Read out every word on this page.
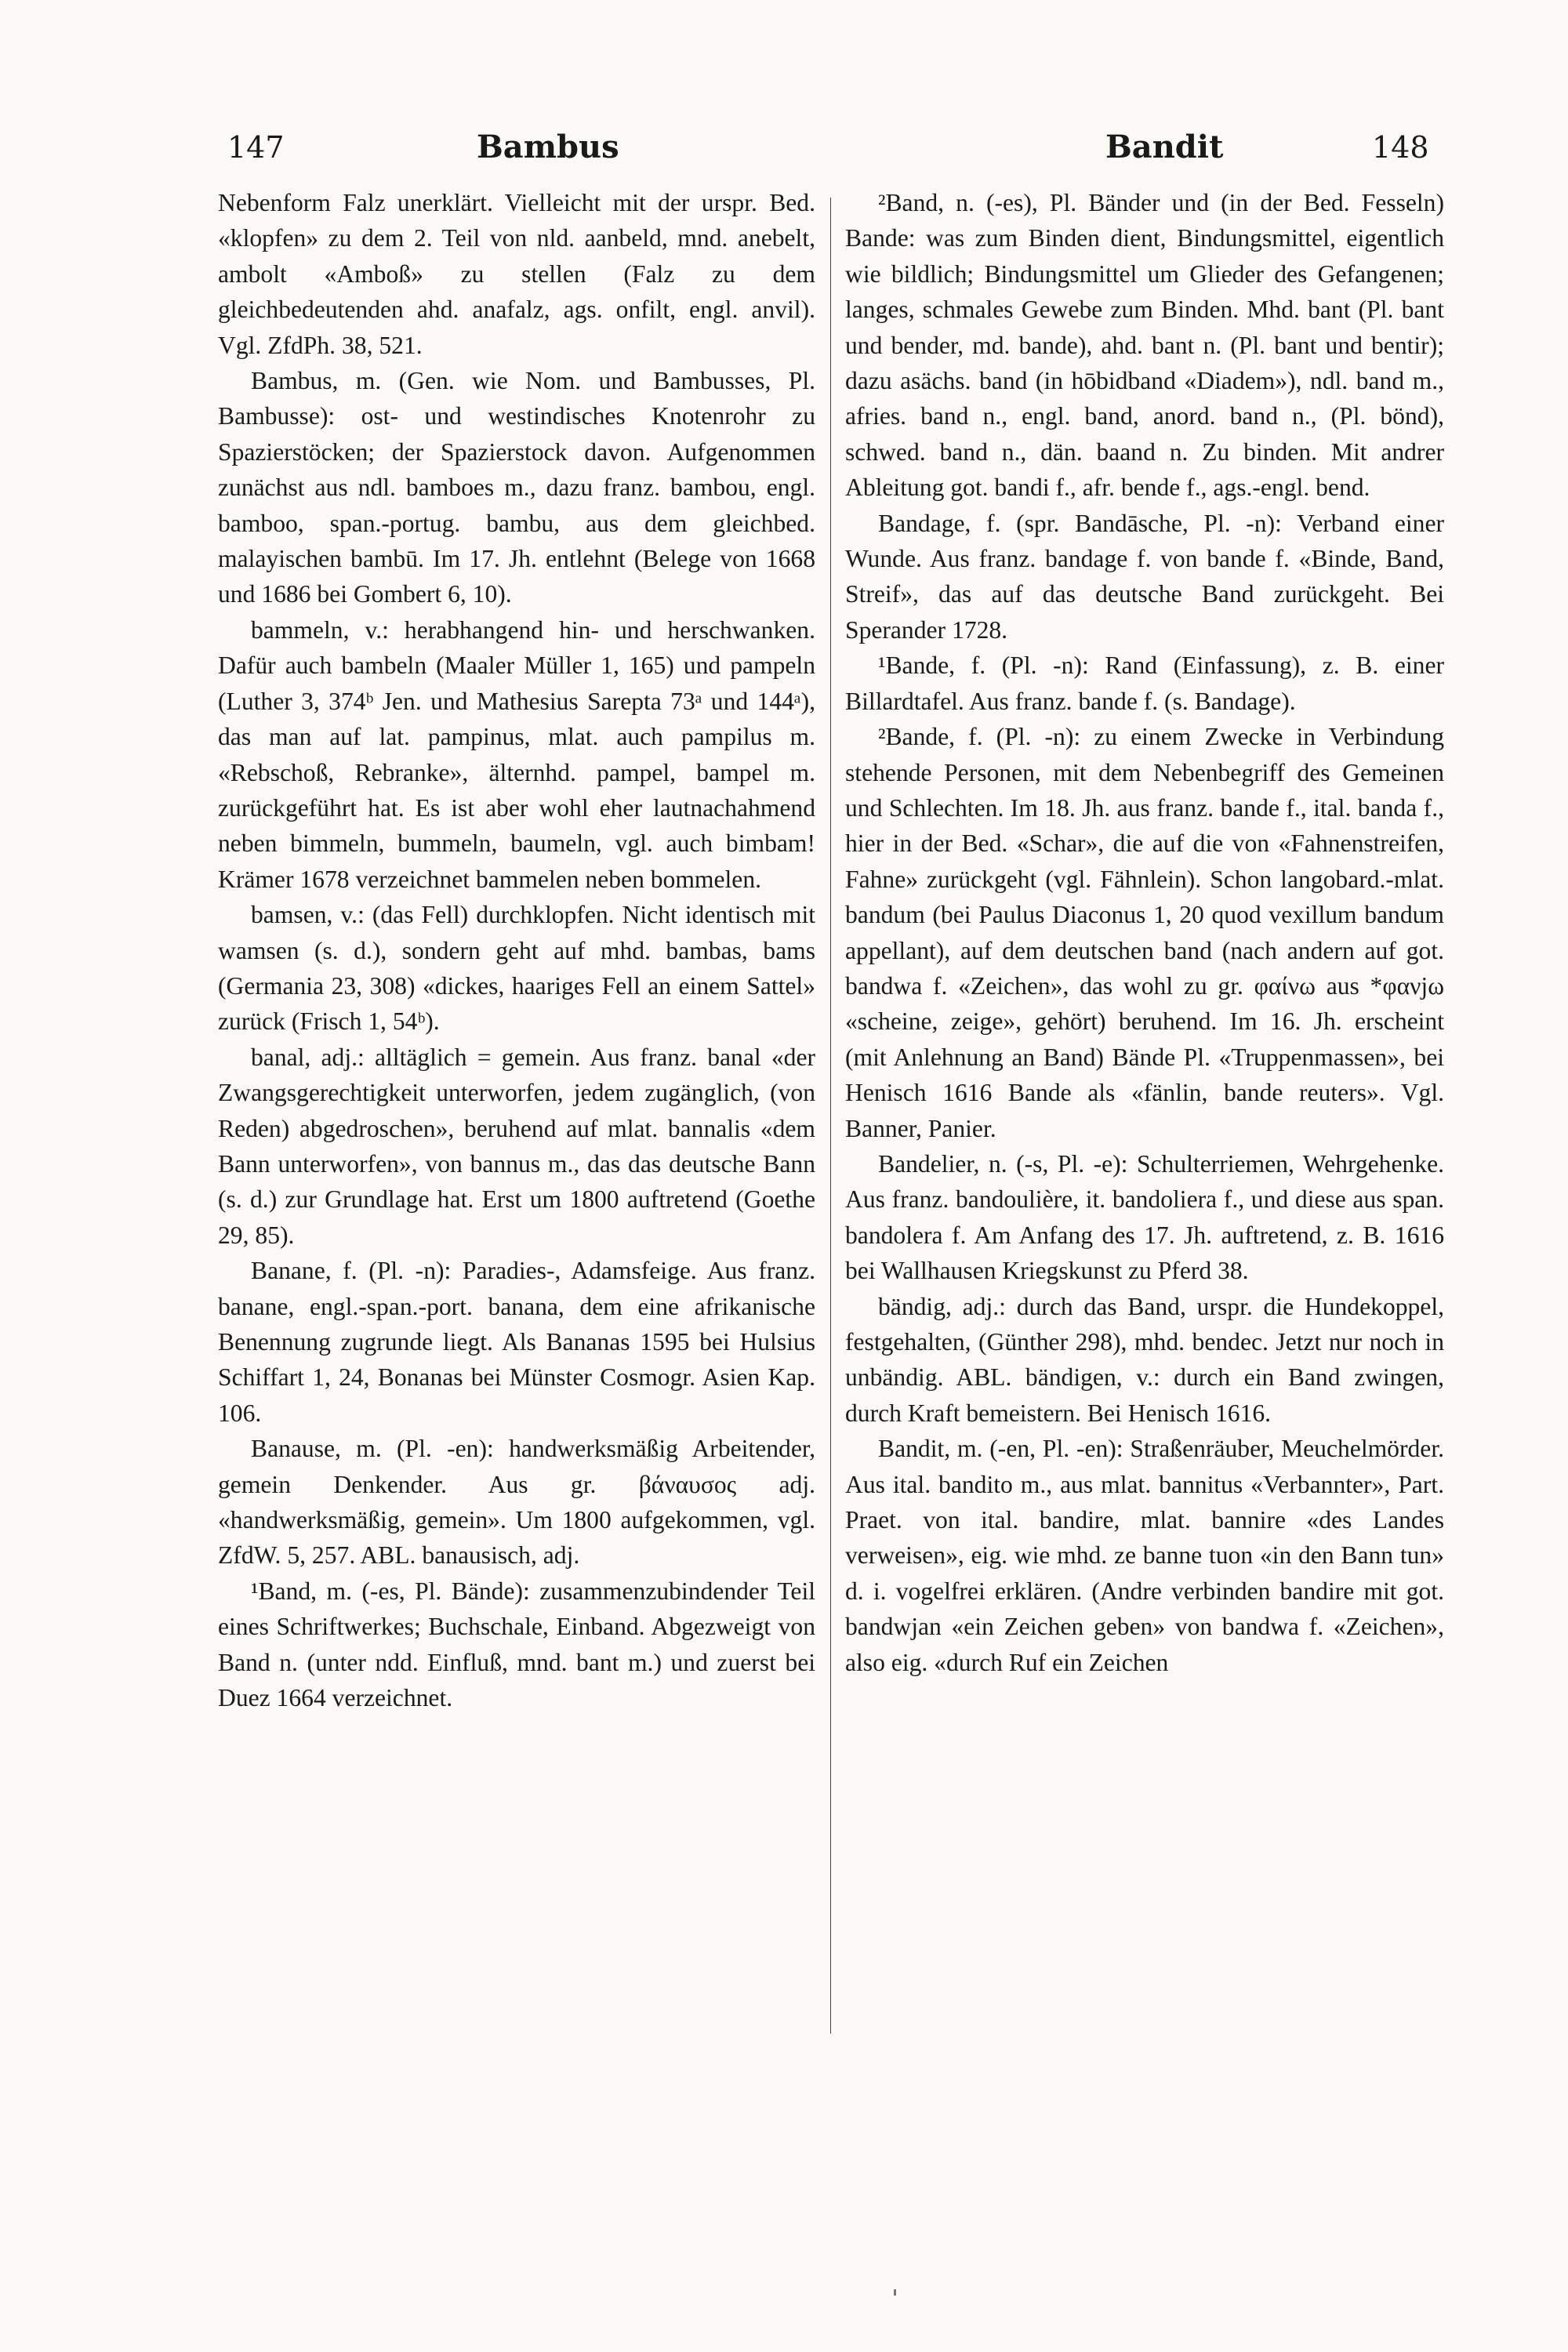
147	Bambus	Bandit	148

Nebenform Falz unerklärt. Vielleicht mit der urspr. Bed. «klopfen» zu dem 2. Teil von nld. aanbeld, mnd. anebelt, ambolt «Amboß» zu stellen (Falz zu dem gleichbedeutenden ahd. anafalz, ags. onfilt, engl. anvil). Vgl. ZfdPh. 38, 521.

Bambus, m. (Gen. wie Nom. und Bambusses, Pl. Bambusse): ost- und westindisches Knotenrohr zu Spazierstöcken; der Spazierstock davon. Aufgenommen zunächst aus ndl. bamboes m., dazu franz. bambou, engl. bamboo, span.-portug. bambu, aus dem gleichbed. malayischen bambū. Im 17. Jh. entlehnt (Belege von 1668 und 1686 bei Gombert 6, 10).

bammeln, v.: herabhangend hin- und herschwanken. Dafür auch bambeln (Maaler Müller 1, 165) und pampeln (Luther 3, 374ᵇ Jen. und Mathesius Sarepta 73ᵃ und 144ᵃ), das man auf lat. pampinus, mlat. auch pampilus m. «Rebschoß, Rebranke», älternhd. pampel, bampel m. zurückgeführt hat. Es ist aber wohl eher lautnachahmend neben bimmeln, bummeln, baumeln, vgl. auch bimbam! Krämer 1678 verzeichnet bammelen neben bommelen.

bamsen, v.: (das Fell) durchklopfen. Nicht identisch mit wamsen (s. d.), sondern geht auf mhd. bambas, bams (Germania 23, 308) «dickes, haariges Fell an einem Sattel» zurück (Frisch 1, 54ᵇ).

banal, adj.: alltäglich = gemein. Aus franz. banal «der Zwangsgerechtigkeit unterworfen, jedem zugänglich, (von Reden) abgedroschen», beruhend auf mlat. bannalis «dem Bann unterworfen», von bannus m., das das deutsche Bann (s. d.) zur Grundlage hat. Erst um 1800 auftretend (Goethe 29, 85).

Banane, f. (Pl. -n): Paradies-, Adamsfeige. Aus franz. banane, engl.-span.-port. banana, dem eine afrikanische Benennung zugrunde liegt. Als Bananas 1595 bei Hulsius Schiffart 1, 24, Bonanas bei Münster Cosmogr. Asien Kap. 106.

Banause, m. (Pl. -en): handwerksmäßig Arbeitender, gemein Denkender. Aus gr. βάναυσος adj. «handwerksmäßig, gemein». Um 1800 aufgekommen, vgl. ZfdW. 5, 257. ABL. banausisch, adj.

¹Band, m. (-es, Pl. Bände): zusammenzubindender Teil eines Schriftwerkes; Buchschale, Einband. Abgezweigt von Band n. (unter ndd. Einfluß, mnd. bant m.) und zuerst bei Duez 1664 verzeichnet.

²Band, n. (-es), Pl. Bänder und (in der Bed. Fesseln) Bande: was zum Binden dient, Bindungsmittel, eigentlich wie bildlich; Bindungsmittel um Glieder des Gefangenen; langes, schmales Gewebe zum Binden. Mhd. bant (Pl. bant und bender, md. bande), ahd. bant n. (Pl. bant und bentir); dazu asächs. band (in hōbidband «Diadem»), ndl. band m., afries. band n., engl. band, anord. band n., (Pl. bönd), schwed. band n., dän. baand n. Zu binden. Mit andrer Ableitung got. bandi f., afr. bende f., ags.-engl. bend.

Bandage, f. (spr. Bandāsche, Pl. -n): Verband einer Wunde. Aus franz. bandage f. von bande f. «Binde, Band, Streif», das auf das deutsche Band zurückgeht. Bei Sperander 1728.

¹Bande, f. (Pl. -n): Rand (Einfassung), z. B. einer Billardtafel. Aus franz. bande f. (s. Bandage).

²Bande, f. (Pl. -n): zu einem Zwecke in Verbindung stehende Personen, mit dem Nebenbegriff des Gemeinen und Schlechten. Im 18. Jh. aus franz. bande f., ital. banda f., hier in der Bed. «Schar», die auf die von «Fahnenstreifen, Fahne» zurückgeht (vgl. Fähnlein). Schon langobard.-mlat. bandum (bei Paulus Diaconus 1, 20 quod vexillum bandum appellant), auf dem deutschen band (nach andern auf got. bandwa f. «Zeichen», das wohl zu gr. φαίνω aus *φανjω «scheine, zeige», gehört) beruhend. Im 16. Jh. erscheint (mit Anlehnung an Band) Bände Pl. «Truppenmassen», bei Henisch 1616 Bande als «fänlin, bande reuters». Vgl. Banner, Panier.

Bandelier, n. (-s, Pl. -e): Schulterriemen, Wehrgehenke. Aus franz. bandoulière, it. bandoliera f., und diese aus span. bandolera f. Am Anfang des 17. Jh. auftretend, z. B. 1616 bei Wallhausen Kriegskunst zu Pferd 38.

bändig, adj.: durch das Band, urspr. die Hundekoppel, festgehalten, (Günther 298), mhd. bendec. Jetzt nur noch in unbändig. ABL. bändigen, v.: durch ein Band zwingen, durch Kraft bemeistern. Bei Henisch 1616.

Bandit, m. (-en, Pl. -en): Straßenräuber, Meuchelmörder. Aus ital. bandito m., aus mlat. bannitus «Verbannter», Part. Praet. von ital. bandire, mlat. bannire «des Landes verweisen», eig. wie mhd. ze banne tuon «in den Bann tun» d. i. vogelfrei erklären. (Andre verbinden bandire mit got. bandwjan «ein Zeichen geben» von bandwa f. «Zeichen», also eig. «durch Ruf ein Zeichen
